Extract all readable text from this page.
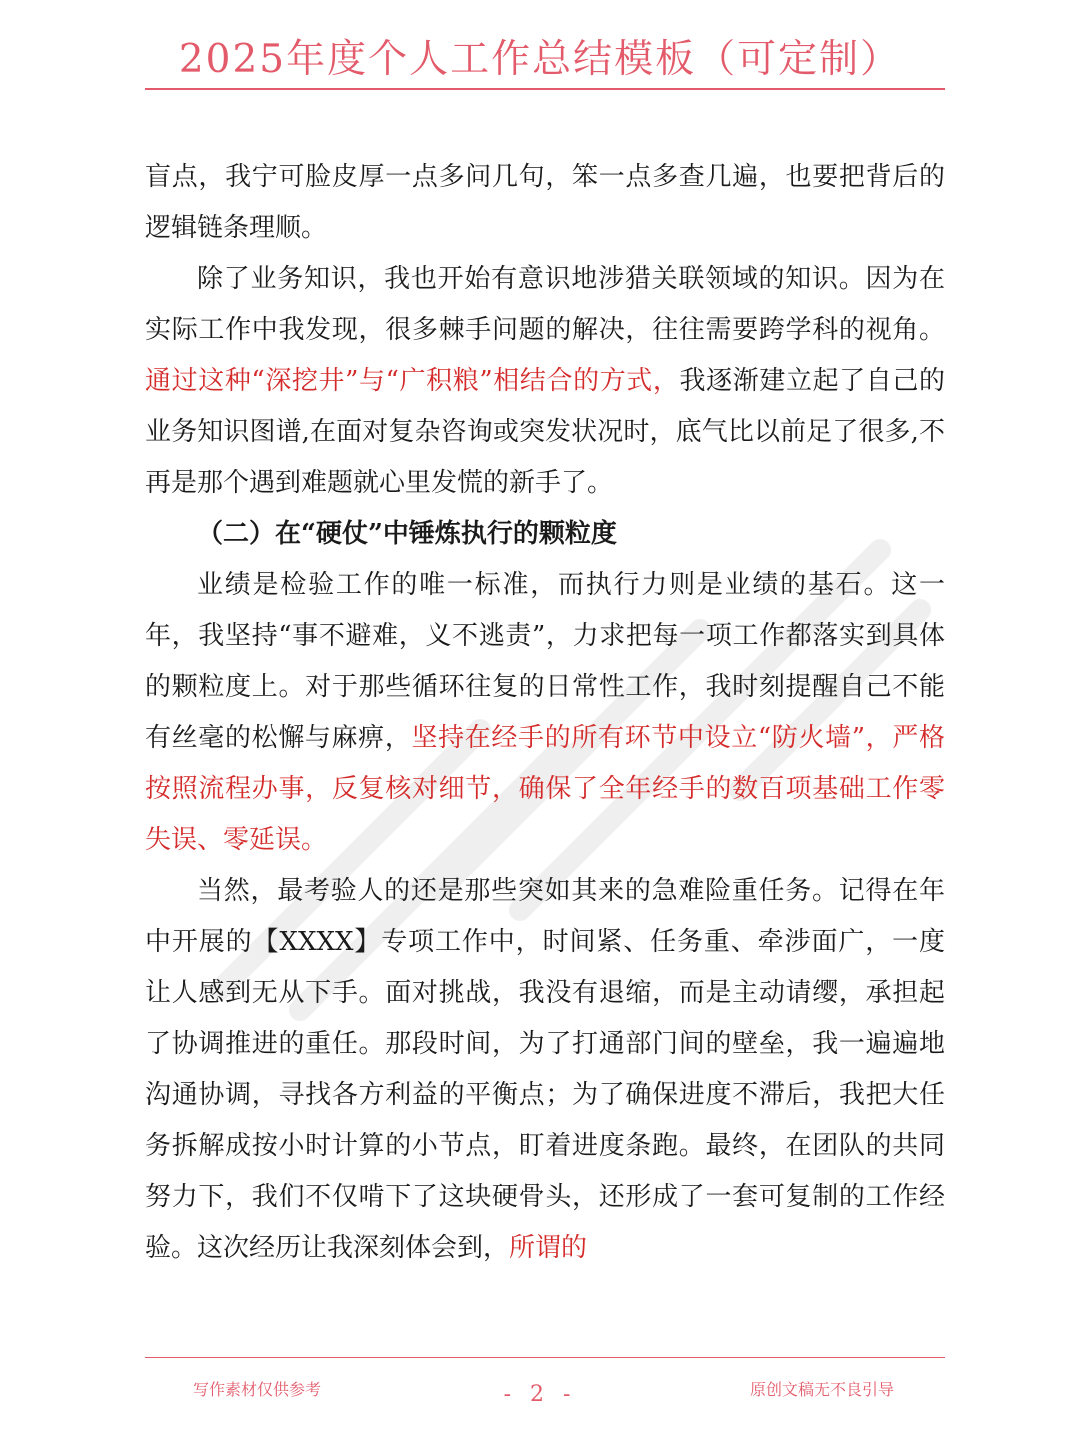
2025年度个人工作总结模板（可定制）

盲点，我宁可脸皮厚一点多问几句，笨一点多查几遍，也要把背后的逻辑链条理顺。

除了业务知识，我也开始有意识地涉猎关联领域的知识。因为在实际工作中我发现，很多棘手问题的解决，往往需要跨学科的视角。通过这种“深挖井”与“广积粮”相结合的方式，我逐渐建立起了自己的业务知识图谱,在面对复杂咨询或突发状况时，底气比以前足了很多,不再是那个遇到难题就心里发慌的新手了。

（二）在“硬仗”中锤炼执行的颗粒度

业绩是检验工作的唯一标准，而执行力则是业绩的基石。这一年，我坚持“事不避难，义不逃责”，力求把每一项工作都落实到具体的颗粒度上。对于那些循环往复的日常性工作，我时刻提醒自己不能有丝毫的松懈与麻痹，坚持在经手的所有环节中设立“防火墙”，严格按照流程办事，反复核对细节，确保了全年经手的数百项基础工作零失误、零延误。

当然，最考验人的还是那些突如其来的急难险重任务。记得在年中开展的【XXXX】专项工作中，时间紧、任务重、牵涉面广，一度让人感到无从下手。面对挑战，我没有退缩，而是主动请缨，承担起了协调推进的重任。那段时间，为了打通部门间的壁垒，我一遍遍地沟通协调，寻找各方利益的平衡点；为了确保进度不滞后，我把大任务拆解成按小时计算的小节点，盯着进度条跑。最终，在团队的共同努力下，我们不仅啃下了这块硬骨头，还形成了一套可复制的工作经验。这次经历让我深刻体会到，所谓的

写作素材仅供参考	- 2 -	原创文稿无不良引导
